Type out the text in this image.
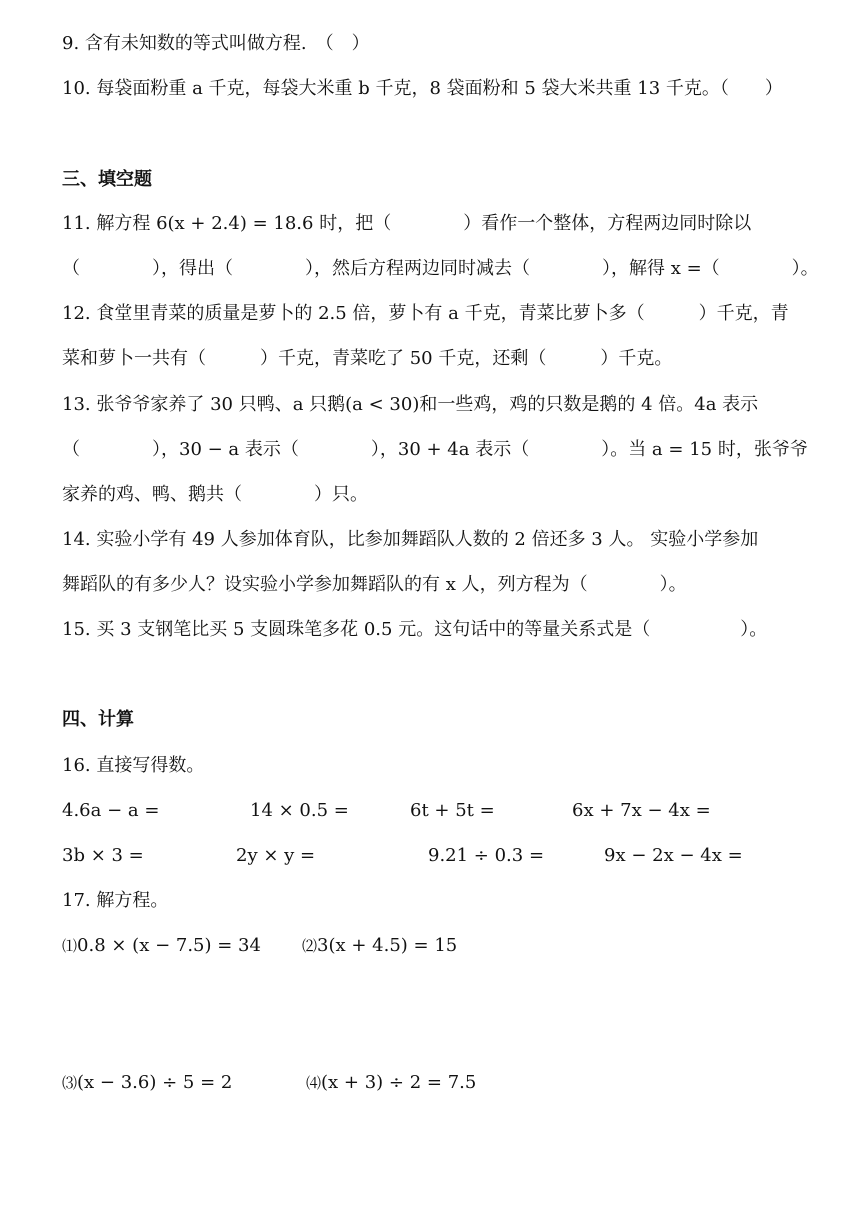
9. 含有未知数的等式叫做方程.　（　）
10. 每袋面粉重 a 千克，每袋大米重 b 千克，8 袋面粉和 5 袋大米共重 13 千克。（　　）
三、填空题
11. 解方程 6(x + 2.4) = 18.6 时，把（　　　　）看作一个整体，方程两边同时除以
（　　　　），得出（　　　　），然后方程两边同时减去（　　　　），解得 x =（　　　　）。
12. 食堂里青菜的质量是萝卜的 2.5 倍，萝卜有 a 千克，青菜比萝卜多（　　　）千克，青
菜和萝卜一共有（　　　）千克，青菜吃了 50 千克，还剩（　　　）千克。
13. 张爷爷家养了 30 只鸭、a 只鹅(a < 30)和一些鸡，鸡的只数是鹅的 4 倍。4a 表示
（　　　　），30 − a 表示（　　　　），30 + 4a 表示（　　　　）。当 a = 15 时，张爷爷
家养的鸡、鸭、鹅共（　　　　）只。
14. 实验小学有 49 人参加体育队，比参加舞蹈队人数的 2 倍还多 3 人。 实验小学参加
舞蹈队的有多少人？设实验小学参加舞蹈队的有 x 人，列方程为（　　　　）。
15. 买 3 支钢笔比买 5 支圆珠笔多花 0.5 元。这句话中的等量关系式是（　　　　　）。
四、计算
16. 直接写得数。
4.6a − a =	14 × 0.5 =	6t + 5t =	6x + 7x − 4x =
3b × 3 =	2y × y =	9.21 ÷ 0.3 =	9x − 2x − 4x =
17. 解方程。
⑴0.8 × (x − 7.5) = 34	⑵3(x + 4.5) = 15
⑶(x − 3.6) ÷ 5 = 2	⑷(x + 3) ÷ 2 = 7.5
